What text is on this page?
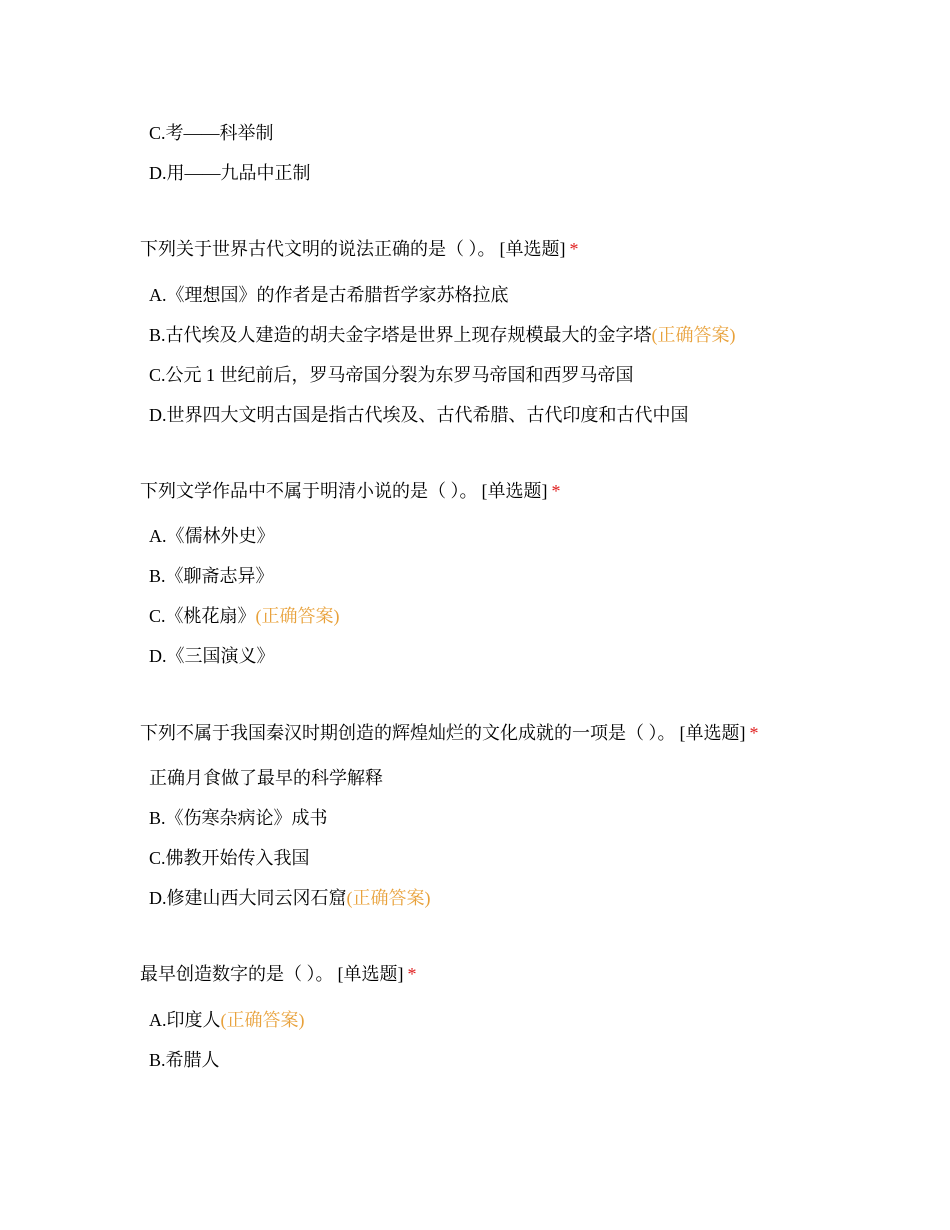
C.考——科举制
D.用——九品中正制
下列关于世界古代文明的说法正确的是（ ）。 [单选题] *
A.《理想国》的作者是古希腊哲学家苏格拉底
B.古代埃及人建造的胡夫金字塔是世界上现存规模最大的金字塔(正确答案)
C.公元 1 世纪前后，罗马帝国分裂为东罗马帝国和西罗马帝国
D.世界四大文明古国是指古代埃及、古代希腊、古代印度和古代中国
下列文学作品中不属于明清小说的是（ ）。 [单选题] *
A.《儒林外史》
B.《聊斋志异》
C.《桃花扇》(正确答案)
D.《三国演义》
下列不属于我国秦汉时期创造的辉煌灿烂的文化成就的一项是（ ）。 [单选题] *
正确月食做了最早的科学解释
B.《伤寒杂病论》成书
C.佛教开始传入我国
D.修建山西大同云冈石窟(正确答案)
最早创造数字的是（ ）。 [单选题] *
A.印度人(正确答案)
B.希腊人
